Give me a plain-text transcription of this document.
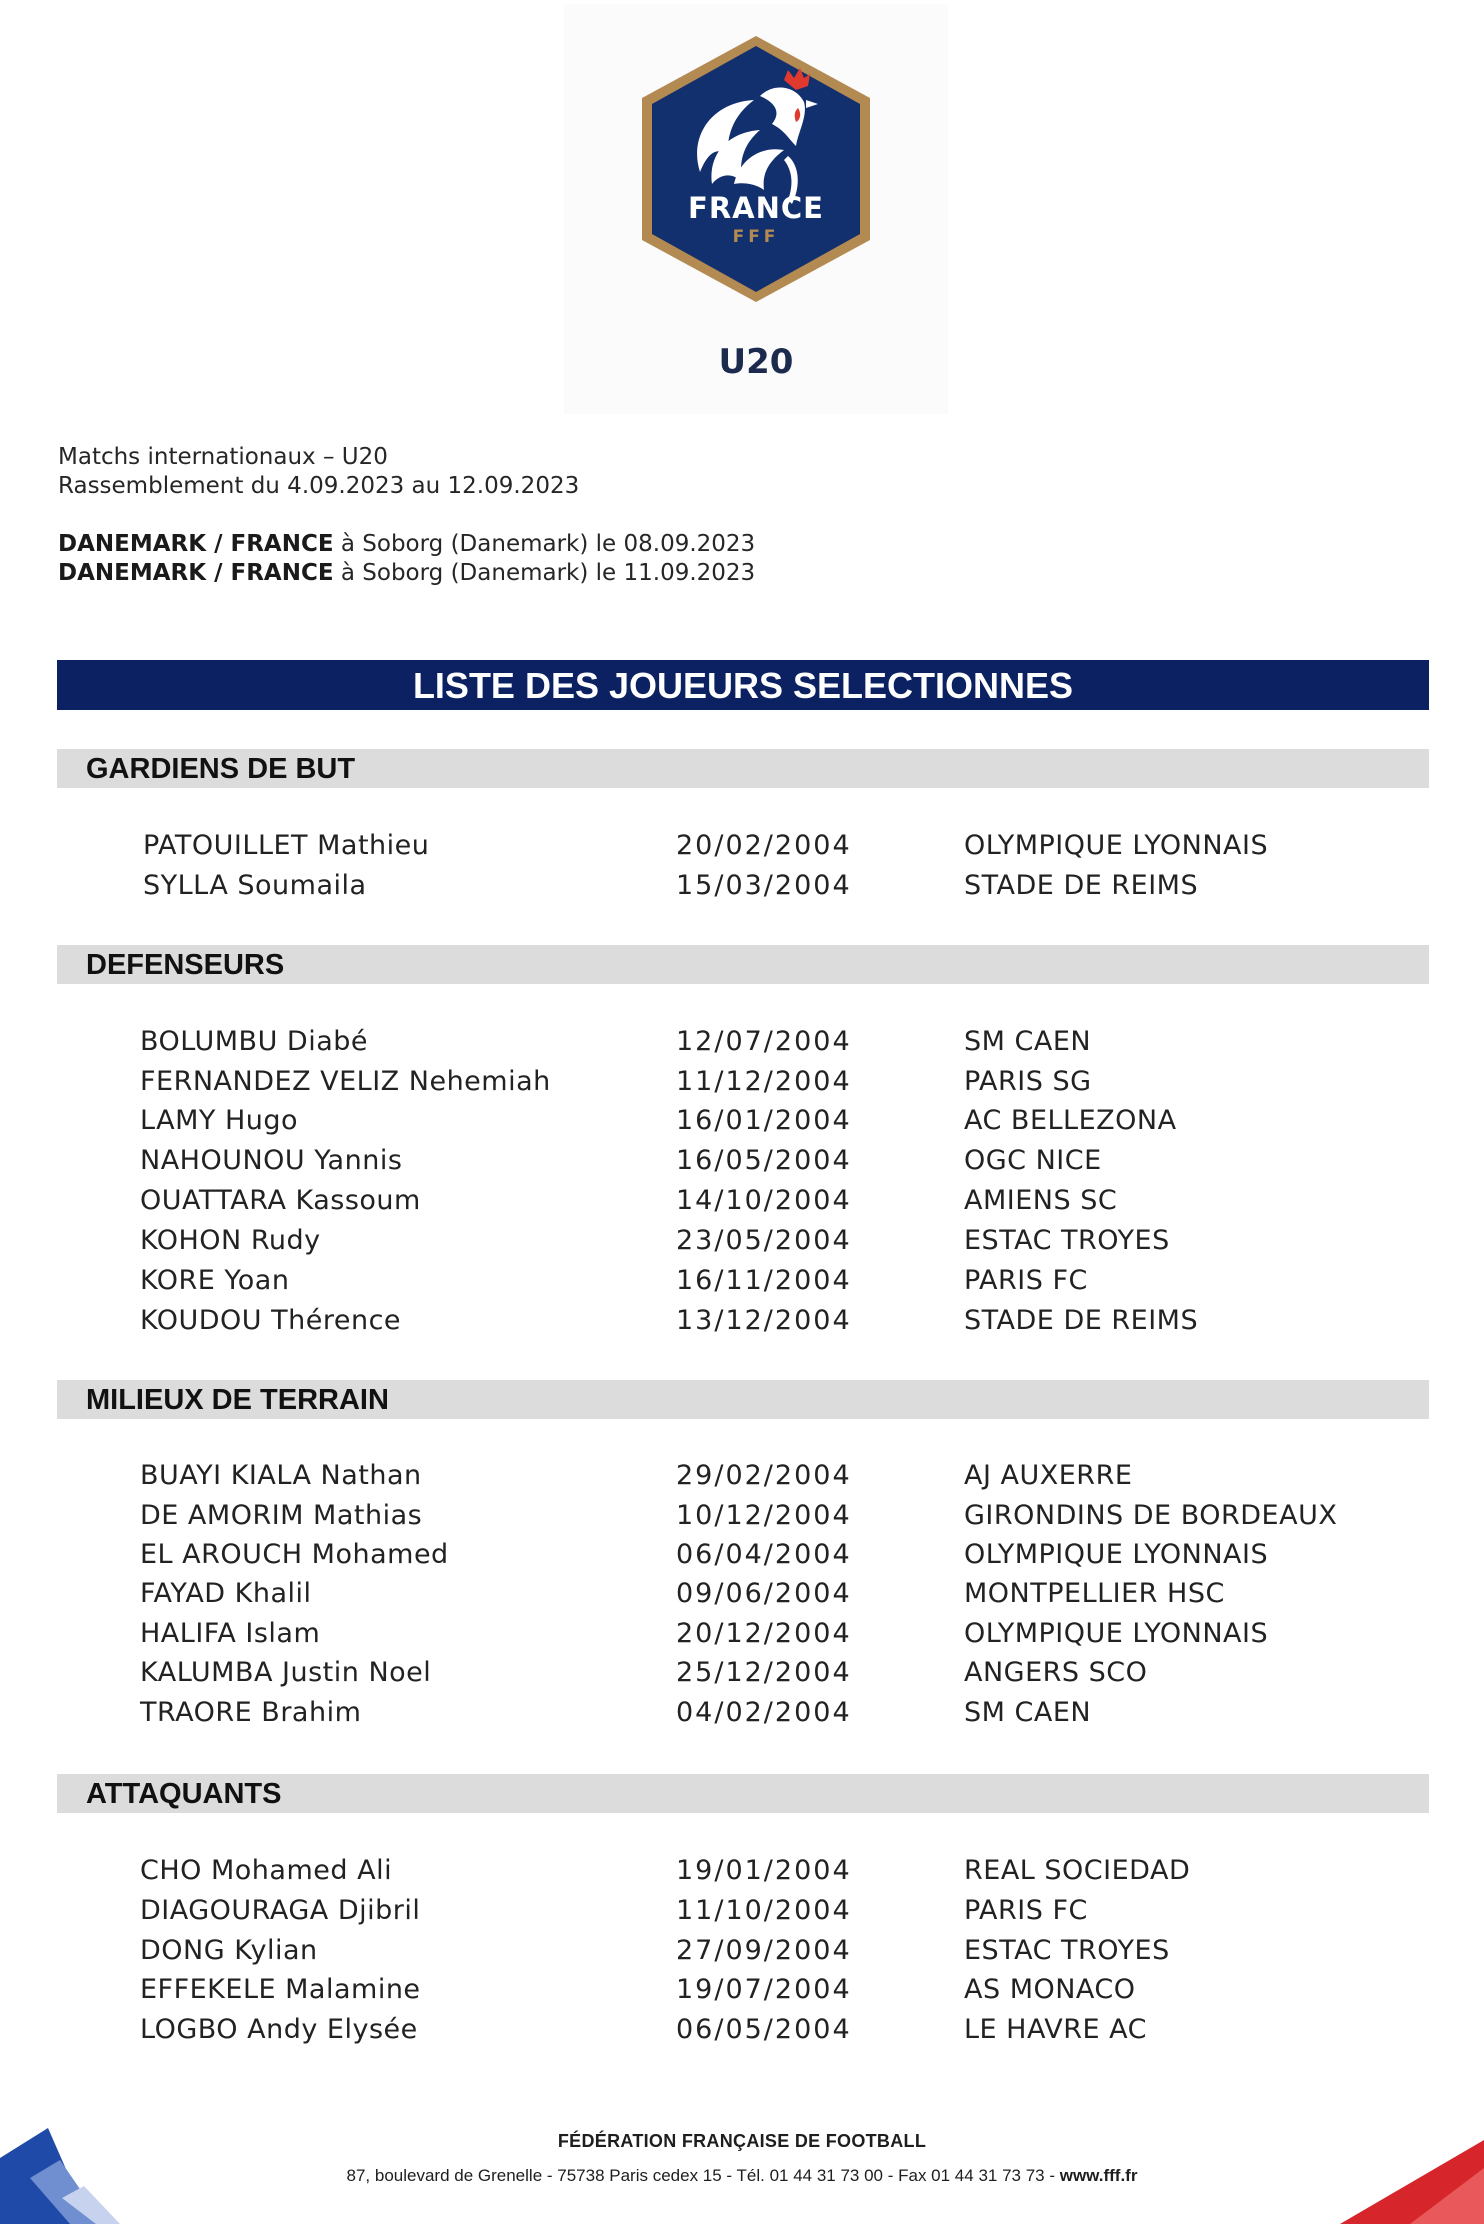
FRANCE
FFF
U20
Matchs internationaux – U20
Rassemblement du 4.09.2023 au 12.09.2023
DANEMARK / FRANCE à Soborg (Danemark) le 08.09.2023
DANEMARK / FRANCE à Soborg (Danemark) le 11.09.2023
LISTE DES JOUEURS SELECTIONNES
GARDIENS DE BUT
PATOUILLET Mathieu	20/02/2004	OLYMPIQUE LYONNAIS
SYLLA Soumaila	15/03/2004	STADE DE REIMS
DEFENSEURS
BOLUMBU Diabé	12/07/2004	SM CAEN
FERNANDEZ VELIZ Nehemiah	11/12/2004	PARIS SG
LAMY Hugo	16/01/2004	AC BELLEZONA
NAHOUNOU Yannis	16/05/2004	OGC NICE
OUATTARA Kassoum	14/10/2004	AMIENS SC
KOHON Rudy	23/05/2004	ESTAC TROYES
KORE Yoan	16/11/2004	PARIS FC
KOUDOU Thérence	13/12/2004	STADE DE REIMS
MILIEUX DE TERRAIN
BUAYI KIALA Nathan	29/02/2004	AJ AUXERRE
DE AMORIM Mathias	10/12/2004	GIRONDINS DE BORDEAUX
EL AROUCH Mohamed	06/04/2004	OLYMPIQUE LYONNAIS
FAYAD Khalil	09/06/2004	MONTPELLIER HSC
HALIFA Islam	20/12/2004	OLYMPIQUE LYONNAIS
KALUMBA Justin Noel	25/12/2004	ANGERS SCO
TRAORE Brahim	04/02/2004	SM CAEN
ATTAQUANTS
CHO Mohamed Ali	19/01/2004	REAL SOCIEDAD
DIAGOURAGA Djibril	11/10/2004	PARIS FC
DONG Kylian	27/09/2004	ESTAC TROYES
EFFEKELE Malamine	19/07/2004	AS MONACO
LOGBO Andy Elysée	06/05/2004	LE HAVRE AC
FÉDÉRATION FRANÇAISE DE FOOTBALL
87, boulevard de Grenelle - 75738 Paris cedex 15 - Tél. 01 44 31 73 00 - Fax 01 44 31 73 73 - www.fff.fr
